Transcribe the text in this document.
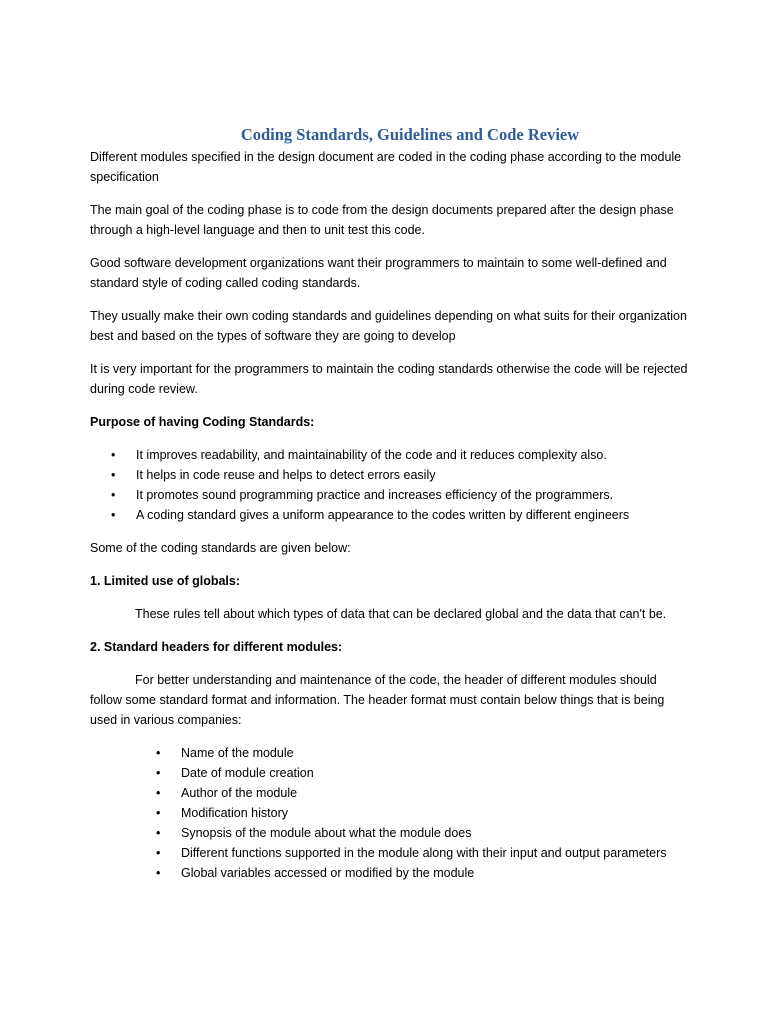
Coding Standards, Guidelines and Code Review

Different modules specified in the design document are coded in the coding phase according to the module specification

The main goal of the coding phase is to code from the design documents prepared after the design phase through a high-level language and then to unit test this code.

Good software development organizations want their programmers to maintain to some well-defined and standard style of coding called coding standards.

They usually make their own coding standards and guidelines depending on what suits for their organization best and based on the types of software they are going to develop

It is very important for the programmers to maintain the coding standards otherwise the code will be rejected during code review.

Purpose of having Coding Standards:
• It improves readability, and maintainability of the code and it reduces complexity also.
• It helps in code reuse and helps to detect errors easily
• It promotes sound programming practice and increases efficiency of the programmers.
• A coding standard gives a uniform appearance to the codes written by different engineers

Some of the coding standards are given below:

1. Limited use of globals:

These rules tell about which types of data that can be declared global and the data that can't be.

2. Standard headers for different modules:

For better understanding and maintenance of the code, the header of different modules should follow some standard format and information. The header format must contain below things that is being used in various companies:

• Name of the module
• Date of module creation
• Author of the module
• Modification history
• Synopsis of the module about what the module does
• Different functions supported in the module along with their input and output parameters
• Global variables accessed or modified by the module
